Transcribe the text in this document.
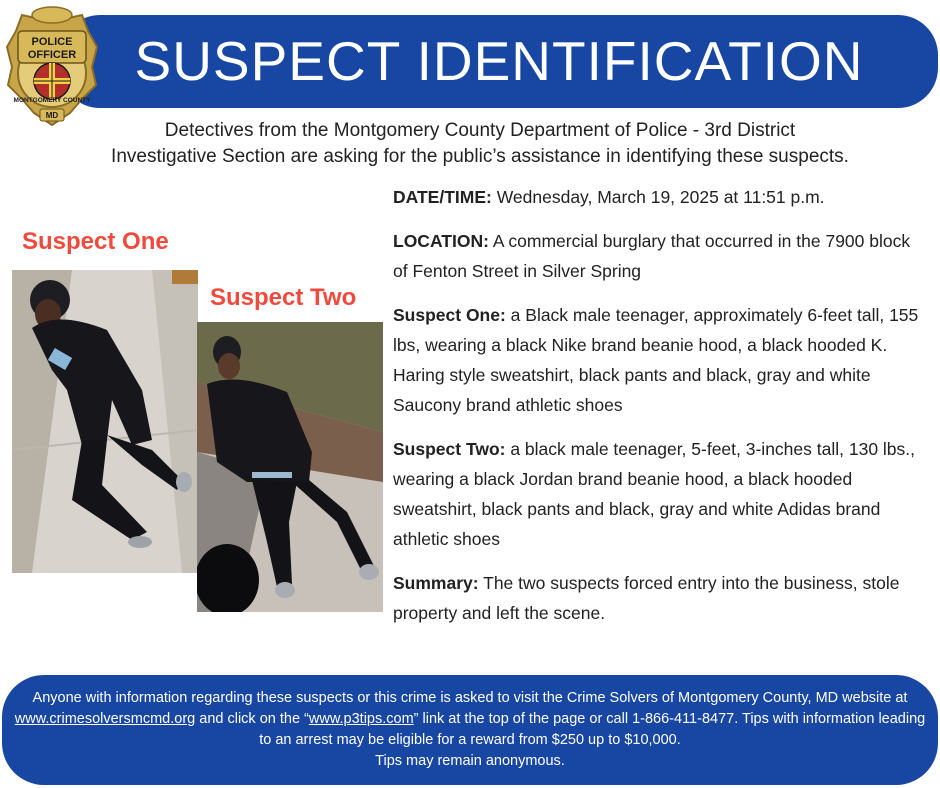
SUSPECT IDENTIFICATION
POLICE
OFFICER
MONTGOMERY COUNTY
MD
Detectives from the Montgomery County Department of Police - 3rd District
Investigative Section are asking for the public’s assistance in identifying these suspects.
Suspect One
Suspect Two

DATE/TIME: Wednesday, March 19, 2025 at 11:51 p.m.

LOCATION: A commercial burglary that occurred in the 7900 block of Fenton Street in Silver Spring

Suspect One: a Black male teenager, approximately 6-feet tall, 155 lbs, wearing a black Nike brand beanie hood, a black hooded K. Haring style sweatshirt, black pants and black, gray and white Saucony brand athletic shoes

Suspect Two: a black male teenager, 5-feet, 3-inches tall, 130 lbs., wearing a black Jordan brand beanie hood, a black hooded sweatshirt, black pants and black, gray and white Adidas brand athletic shoes

Summary: The two suspects forced entry into the business, stole property and left the scene.

Anyone with information regarding these suspects or this crime is asked to visit the Crime Solvers of Montgomery County, MD website at www.crimesolversmcmd.org and click on the “www.p3tips.com” link at the top of the page or call 1-866-411-8477. Tips with information leading to an arrest may be eligible for a reward from $250 up to $10,000.
Tips may remain anonymous.
